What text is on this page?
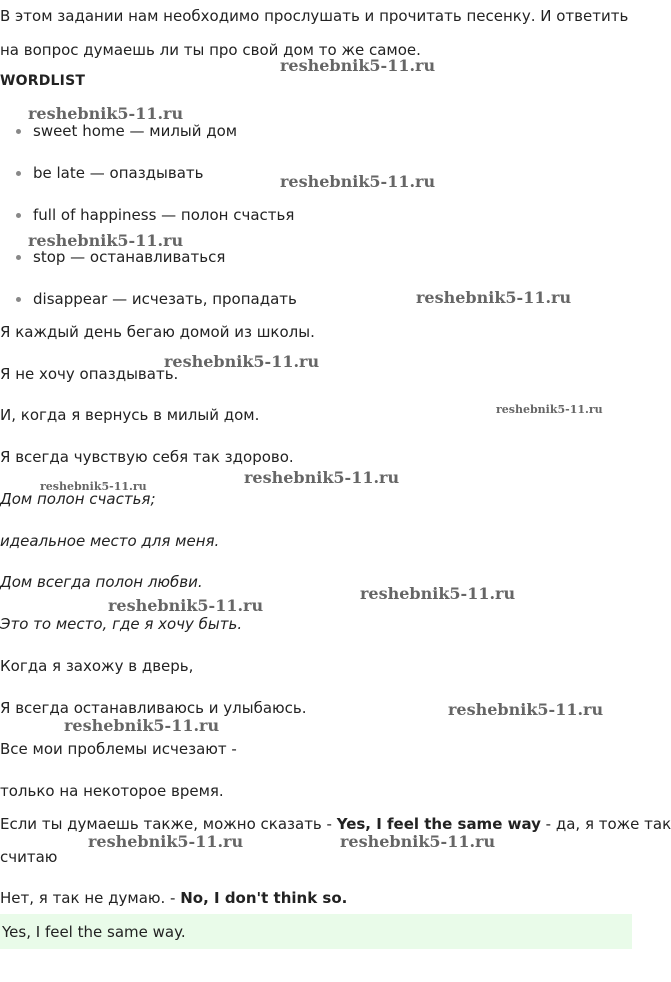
В этом задании нам необходимо прослушать и прочитать песенку. И ответить
на вопрос думаешь ли ты про свой дом то же самое.
WORDLIST
sweet home — милый дом
be late — опаздывать
full of happiness — полон счастья
stop — останавливаться
disappear — исчезать, пропадать
Я каждый день бегаю домой из школы.
Я не хочу опаздывать.
И, когда я вернусь в милый дом.
Я всегда чувствую себя так здорово.
Дом полон счастья;
идеальное место для меня.
Дом всегда полон любви.
Это то место, где я хочу быть.
Когда я захожу в дверь,
Я всегда останавливаюсь и улыбаюсь.
Все мои проблемы исчезают -
только на некоторое время.
Если ты думаешь также, можно сказать - Yes, I feel the same way - да, я тоже так
считаю
Нет, я так не думаю. - No, I don't think so.
Yes, I feel the same way.
reshebnik5-11.ru
reshebnik5-11.ru
reshebnik5-11.ru
reshebnik5-11.ru
reshebnik5-11.ru
reshebnik5-11.ru
reshebnik5-11.ru
reshebnik5-11.ru
reshebnik5-11.ru
reshebnik5-11.ru
reshebnik5-11.ru
reshebnik5-11.ru
reshebnik5-11.ru
reshebnik5-11.ru	reshebnik5-11.ru
